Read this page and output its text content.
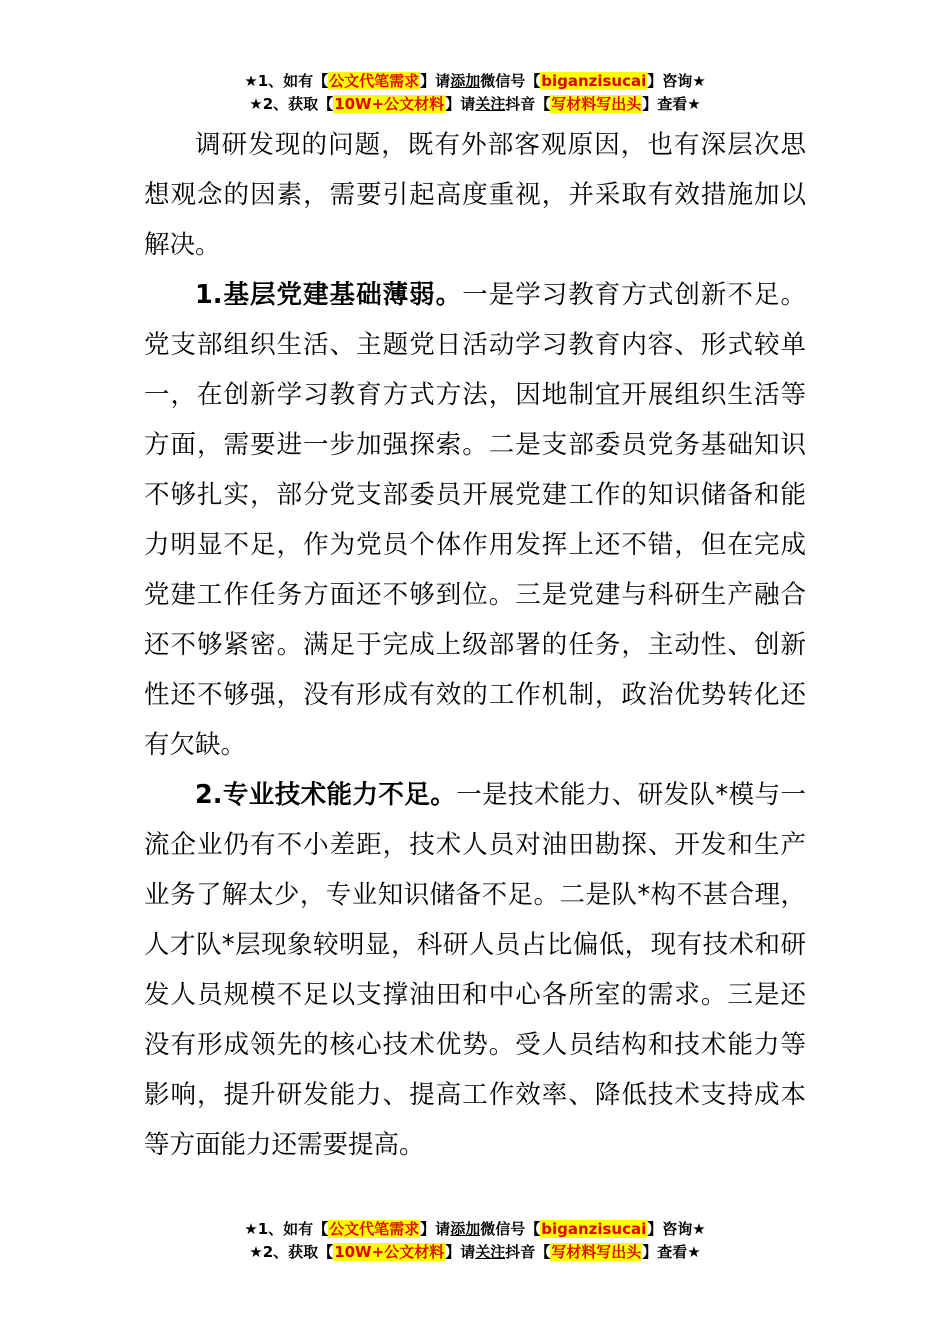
★1、如有【公文代笔需求】请添加微信号【biganzisucai】咨询★
★2、获取【10W+公文材料】请关注抖音【写材料写出头】查看★

调研发现的问题，既有外部客观原因，也有深层次思想观念的因素，需要引起高度重视，并采取有效措施加以解决。

1.基层党建基础薄弱。一是学习教育方式创新不足。党支部组织生活、主题党日活动学习教育内容、形式较单一，在创新学习教育方式方法，因地制宜开展组织生活等方面，需要进一步加强探索。二是支部委员党务基础知识不够扎实，部分党支部委员开展党建工作的知识储备和能力明显不足，作为党员个体作用发挥上还不错，但在完成党建工作任务方面还不够到位。三是党建与科研生产融合还不够紧密。满足于完成上级部署的任务，主动性、创新性还不够强，没有形成有效的工作机制，政治优势转化还有欠缺。

2.专业技术能力不足。一是技术能力、研发队*模与一流企业仍有不小差距，技术人员对油田勘探、开发和生产业务了解太少，专业知识储备不足。二是队*构不甚合理，人才队*层现象较明显，科研人员占比偏低，现有技术和研发人员规模不足以支撑油田和中心各所室的需求。三是还没有形成领先的核心技术优势。受人员结构和技术能力等影响，提升研发能力、提高工作效率、降低技术支持成本等方面能力还需要提高。

★1、如有【公文代笔需求】请添加微信号【biganzisucai】咨询★
★2、获取【10W+公文材料】请关注抖音【写材料写出头】查看★
